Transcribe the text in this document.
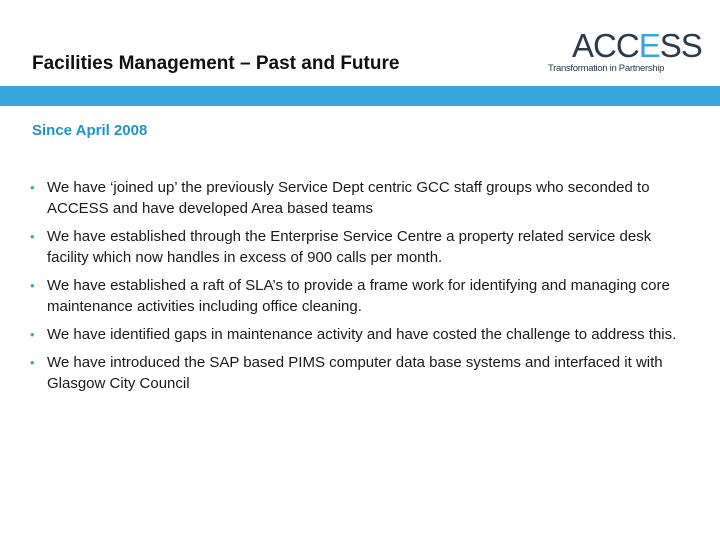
Facilities Management – Past and Future	ACCESS
Transformation in Partnership
Since April 2008
• We have ‘joined up’ the previously Service Dept centric GCC staff groups who seconded to ACCESS and have developed Area based teams
• We have established through the Enterprise Service Centre a property related service desk facility which now handles in excess of 900 calls per month.
• We have established a raft of SLA’s to provide a frame work for identifying and managing core maintenance activities including office cleaning.
• We have identified gaps in maintenance activity and have costed the challenge to address this.
• We have introduced the SAP based PIMS computer data base systems and interfaced it with Glasgow City Council
